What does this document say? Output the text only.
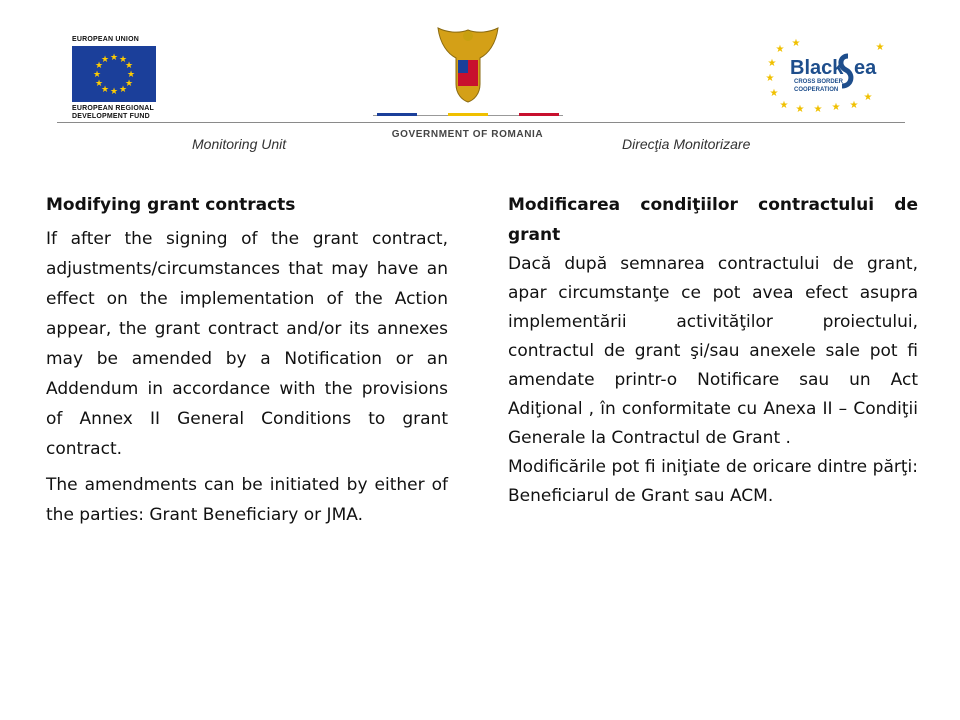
EUROPEAN UNION
★ ★
★
★
★
★
★
★
★
★
★
★
EUROPEAN REGIONAL
DEVELOPMENT FUND

GOVERNMENT OF ROMANIA
★
★
★
★
★ ★ ★ ★ ★
★
★
★
Black ea
CROSS BORDER
COOPERATION
Monitoring Unit	Direcţia Monitorizare
Modifying grant contracts

If after the signing of the grant contract, adjustments/circumstances that may have an effect on the implementation of the Action appear, the grant contract and/or its annexes may be amended by a Notification or an Addendum in accordance with the provisions of Annex II General Conditions to grant contract.

The amendments can be initiated by either of the parties: Grant Beneficiary or JMA.

Modificarea condiţiilor contractului de grant

Dacă după semnarea contractului de grant, apar circumstanţe ce pot avea efect asupra implementării activităţilor proiectului, contractul de grant şi/sau anexele sale pot fi amendate printr-o Notificare sau un Act Adiţional , în conformitate cu Anexa II – Condiţii Generale la Contractul de Grant .

Modificările pot fi iniţiate de oricare dintre părţi: Beneficiarul de Grant sau ACM.
